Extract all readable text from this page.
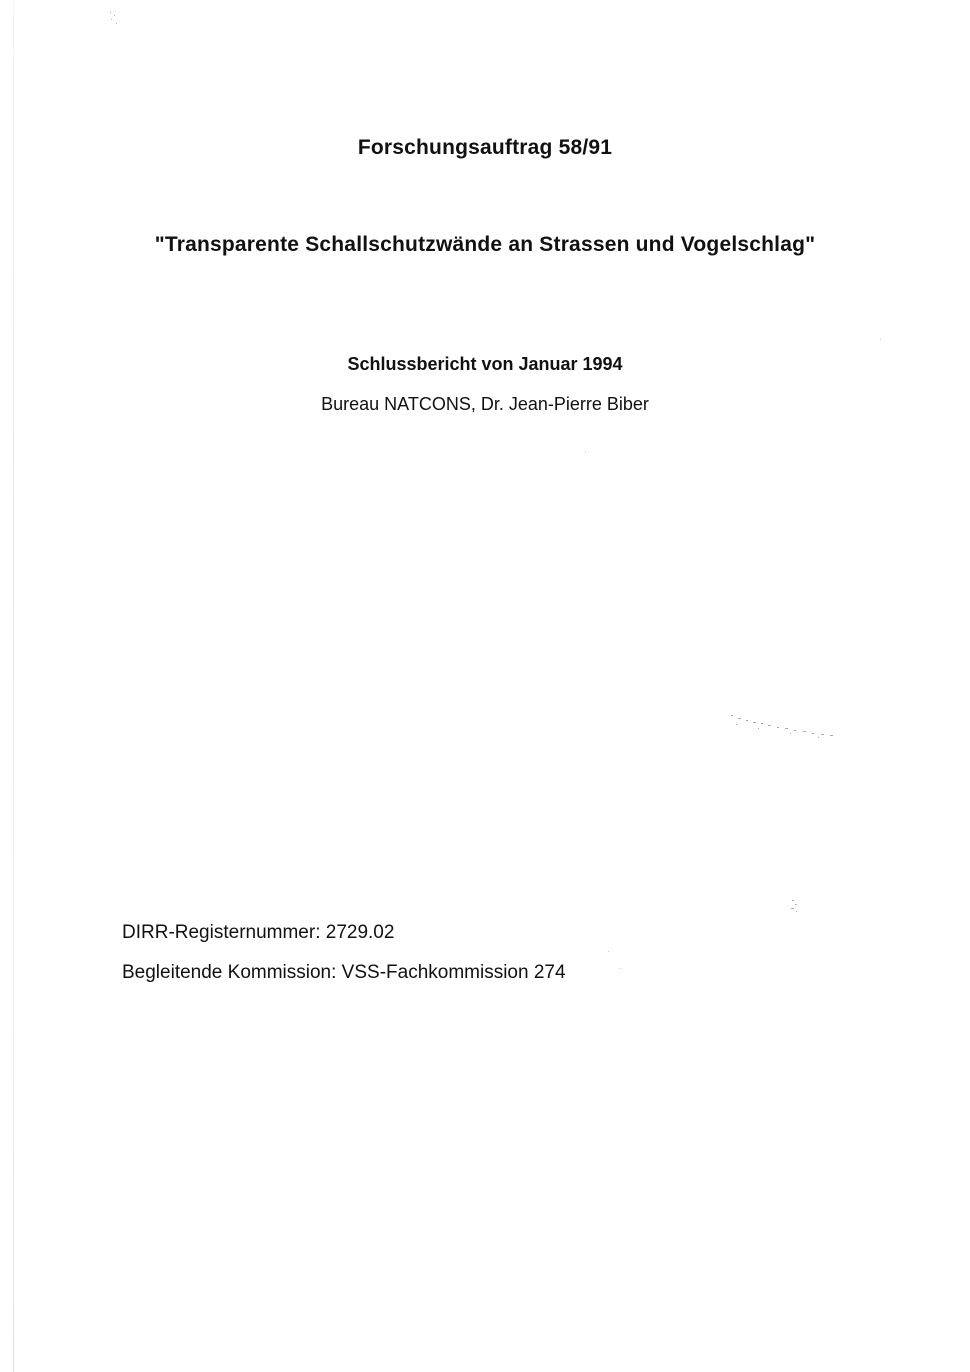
Forschungsauftrag 58/91
"Transparente Schallschutzwände an Strassen und Vogelschlag"
Schlussbericht von Januar 1994
Bureau NATCONS, Dr. Jean-Pierre Biber
DIRR-Registernummer: 2729.02
Begleitende Kommission: VSS-Fachkommission 274
